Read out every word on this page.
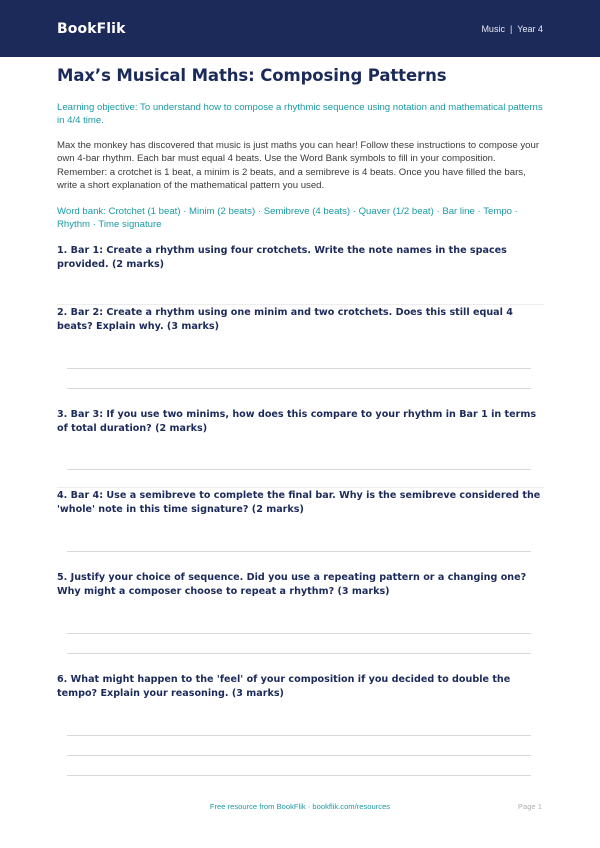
BookFlik	Music | Year 4
Max’s Musical Maths: Composing Patterns
Learning objective: To understand how to compose a rhythmic sequence using notation and mathematical patterns in 4/4 time.
Max the monkey has discovered that music is just maths you can hear! Follow these instructions to compose your own 4-bar rhythm. Each bar must equal 4 beats. Use the Word Bank symbols to fill in your composition. Remember: a crotchet is 1 beat, a minim is 2 beats, and a semibreve is 4 beats. Once you have filled the bars, write a short explanation of the mathematical pattern you used.
Word bank: Crotchet (1 beat) · Minim (2 beats) · Semibreve (4 beats) · Quaver (1/2 beat) · Bar line · Tempo · Rhythm · Time signature
1. Bar 1: Create a rhythm using four crotchets. Write the note names in the spaces provided. (2 marks)
2. Bar 2: Create a rhythm using one minim and two crotchets. Does this still equal 4 beats? Explain why. (3 marks)
3. Bar 3: If you use two minims, how does this compare to your rhythm in Bar 1 in terms of total duration? (2 marks)
4. Bar 4: Use a semibreve to complete the final bar. Why is the semibreve considered the 'whole' note in this time signature? (2 marks)
5. Justify your choice of sequence. Did you use a repeating pattern or a changing one? Why might a composer choose to repeat a rhythm? (3 marks)
6. What might happen to the 'feel' of your composition if you decided to double the tempo? Explain your reasoning. (3 marks)
Free resource from BookFlik · bookflik.com/resources	Page 1
